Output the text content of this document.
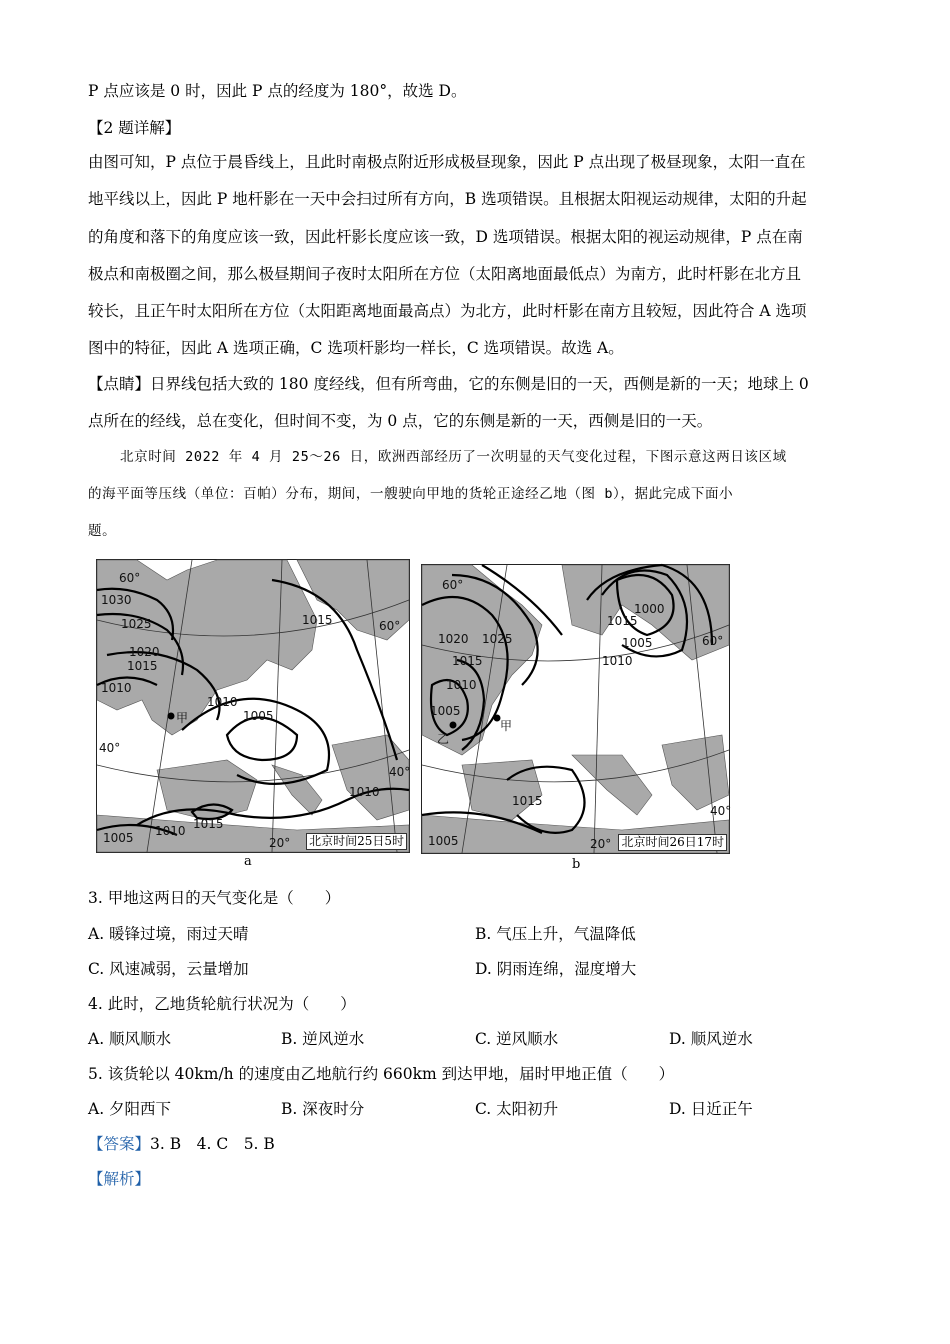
P 点应该是 0 时，因此 P 点的经度为 180°，故选 D。
【2 题详解】
由图可知，P 点位于晨昏线上，且此时南极点附近形成极昼现象，因此 P 点出现了极昼现象，太阳一直在
地平线以上，因此 P 地杆影在一天中会扫过所有方向，B 选项错误。且根据太阳视运动规律，太阳的升起
的角度和落下的角度应该一致，因此杆影长度应该一致，D 选项错误。根据太阳的视运动规律，P 点在南
极点和南极圈之间，那么极昼期间子夜时太阳所在方位（太阳离地面最低点）为南方，此时杆影在北方且
较长，且正午时太阳所在方位（太阳距离地面最高点）为北方，此时杆影在南方且较短，因此符合 A 选项
图中的特征，因此 A 选项正确，C 选项杆影均一样长，C 选项错误。故选 A。
【点睛】日界线包括大致的 180 度经线，但有所弯曲，它的东侧是旧的一天，西侧是新的一天；地球上 0
点所在的经线，总在变化，但时间不变，为 0 点，它的东侧是新的一天，西侧是旧的一天。
北京时间 2022 年 4 月 25～26 日，欧洲西部经历了一次明显的天气变化过程，下图示意这两日该区域
的海平面等压线（单位：百帕）分布，期间，一艘驶向甲地的货轮正途经乙地（图 b），据此完成下面小
题。
甲
1030
1025
1020
1015
1010
1010
1005
1015
1015
1010
1010
1005
60°
60°
40°
40°
20° 北京时间25日5时
a
乙
甲
1020 1025
1015
1010
1005
1015
1005
1000
1010
1015
1005
60°
60°
40°
20° 北京时间26日17时
b
3. 甲地这两日的天气变化是（　　）
A. 暖锋过境，雨过天晴	B. 气压上升，气温降低
C. 风速减弱，云量增加	D. 阴雨连绵，湿度增大
4. 此时，乙地货轮航行状况为（　　）
A. 顺风顺水	B. 逆风逆水	C. 逆风顺水	D. 顺风逆水
5. 该货轮以 40km/h 的速度由乙地航行约 660km 到达甲地，届时甲地正值（　　）
A. 夕阳西下	B. 深夜时分	C. 太阳初升	D. 日近正午
【答案】3. B　4. C　5. B
【解析】
